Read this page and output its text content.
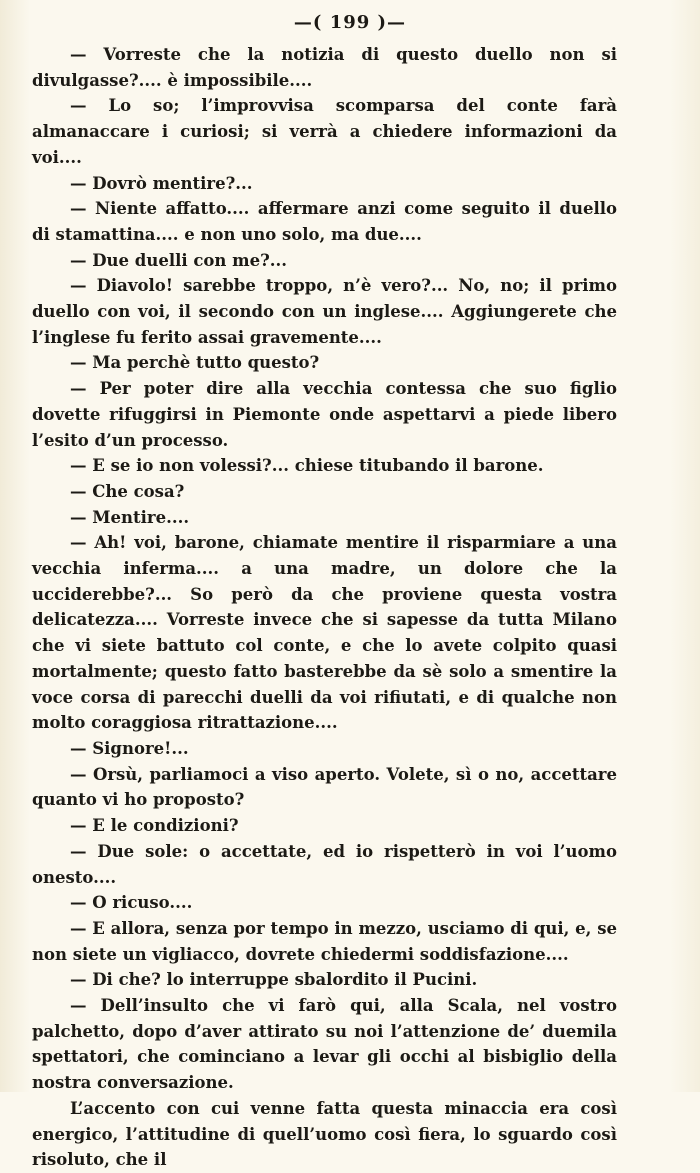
—( 199 )—

— Vorreste che la notizia di questo duello non si divulgasse?.... è impossibile....

— Lo so; l’improvvisa scomparsa del conte farà almanaccare i curiosi; si verrà a chiedere informazioni da voi....

— Dovrò mentire?...

— Niente affatto.... affermare anzi come seguito il duello di stamattina.... e non uno solo, ma due....

— Due duelli con me?...

— Diavolo! sarebbe troppo, n’è vero?... No, no; il primo duello con voi, il secondo con un inglese.... Aggiungerete che l’inglese fu ferito assai gravemente....

— Ma perchè tutto questo?

— Per poter dire alla vecchia contessa che suo figlio dovette rifuggirsi in Piemonte onde aspettarvi a piede libero l’esito d’un processo.

— E se io non volessi?... chiese titubando il barone.

— Che cosa?

— Mentire....

— Ah! voi, barone, chiamate mentire il risparmiare a una vecchia inferma.... a una madre, un dolore che la ucciderebbe?... So però da che proviene questa vostra delicatezza.... Vorreste invece che si sapesse da tutta Milano che vi siete battuto col conte, e che lo avete colpito quasi mortalmente; questo fatto basterebbe da sè solo a smentire la voce corsa di parecchi duelli da voi rifiutati, e di qualche non molto coraggiosa ritrattazione....

— Signore!...

— Orsù, parliamoci a viso aperto. Volete, sì o no, accettare quanto vi ho proposto?

— E le condizioni?

— Due sole: o accettate, ed io rispetterò in voi l’uomo onesto....

— O ricuso....

— E allora, senza por tempo in mezzo, usciamo di qui, e, se non siete un vigliacco, dovrete chiedermi soddisfazione....

— Di che? lo interruppe sbalordito il Pucini.

— Dell’insulto che vi farò qui, alla Scala, nel vostro palchetto, dopo d’aver attirato su noi l’attenzione de’ duemila spettatori, che cominciano a levar gli occhi al bisbiglio della nostra conversazione.

L’accento con cui venne fatta questa minaccia era così energico, l’attitudine di quell’uomo così fiera, lo sguardo così risoluto, che il
